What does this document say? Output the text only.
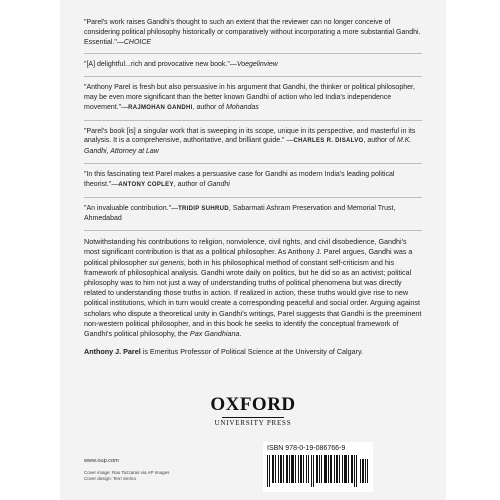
"Parel's work raises Gandhi's thought to such an extent that the reviewer can no longer conceive of considering political philosophy historically or comparatively without incorporating a more substantial Gandhi. Essential."—CHOICE

"[A] delightful...rich and provocative new book."—Voegelinview

"Anthony Parel is fresh but also persuasive in his argument that Gandhi, the thinker or political philosopher, may be even more significant than the better known Gandhi of action who led India's independence movement."—RAJMOHAN GANDHI, author of Mohandas

"Parel's book [is] a singular work that is sweeping in its scope, unique in its perspective, and masterful in its analysis. It is a comprehensive, authoritative, and brilliant guide." —CHARLES R. DISALVO, author of M.K. Gandhi, Attorney at Law

"In this fascinating text Parel makes a persuasive case for Gandhi as modern India's leading political theorist."—ANTONY COPLEY, author of Gandhi

"An invaluable contribution."—TRIDIP SUHRUD, Sabarmati Ashram Preservation and Memorial Trust, Ahmedabad

Notwithstanding his contributions to religion, nonviolence, civil rights, and civil disobedience, Gandhi's most significant contribution is that as a political philosopher. As Anthony J. Parel argues, Gandhi was a political philosopher sui generis, both in his philosophical method of constant self-criticism and his framework of philosophical analysis. Gandhi wrote daily on politics, but he did so as an activist; political philosophy was to him not just a way of understanding truths of political phenomena but was directly related to understanding those truths in action. If realized in action, these truths would give rise to new political institutions, which in turn would create a corresponding peaceful and social order. Arguing against scholars who dispute a theoretical unity in Gandhi's writings, Parel suggests that Gandhi is the preeminent non-western political philosopher, and in this book he seeks to identify the conceptual framework of Gandhi's political philosophy, the Pax Gandhiana.

Anthony J. Parel is Emeritus Professor of Political Science at the University of Calgary.

OXFORD
UNIVERSITY PRESS
www.oup.com
Cover image: Rao Tazzaras via AP Images
Cover design: Terri Serino
ISBN 978-0-19-086766-9
